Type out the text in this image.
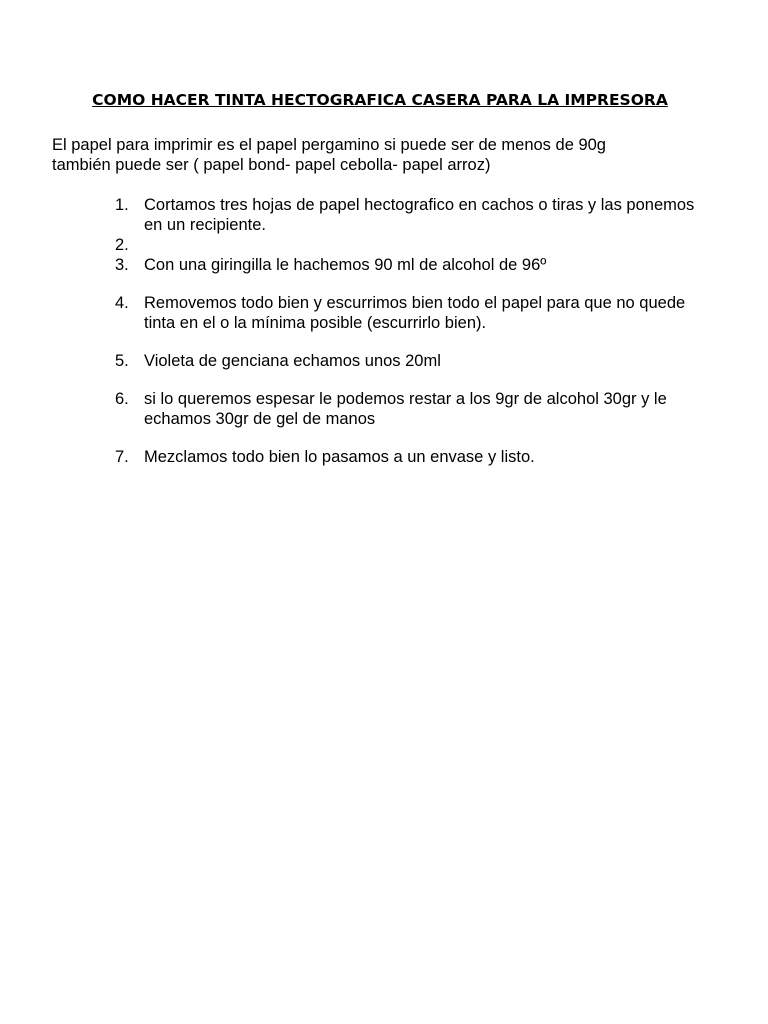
COMO HACER TINTA HECTOGRAFICA CASERA PARA LA IMPRESORA

El papel para imprimir es el papel pergamino si puede ser de menos de 90g

también puede ser ( papel bond- papel cebolla- papel arroz)

1. Cortamos tres hojas de papel hectografico en cachos o tiras y las ponemos en un recipiente.
2.
3. Con una giringilla le hachemos 90 ml de alcohol de 96º
4. Removemos todo bien y escurrimos bien todo el papel para que no quede tinta en el o la mínima posible (escurrirlo bien).
5. Violeta de genciana echamos unos 20ml
6. si lo queremos espesar le podemos restar a los 9gr de alcohol 30gr y le echamos 30gr de gel de manos
7. Mezclamos todo bien lo pasamos a un envase y listo.
